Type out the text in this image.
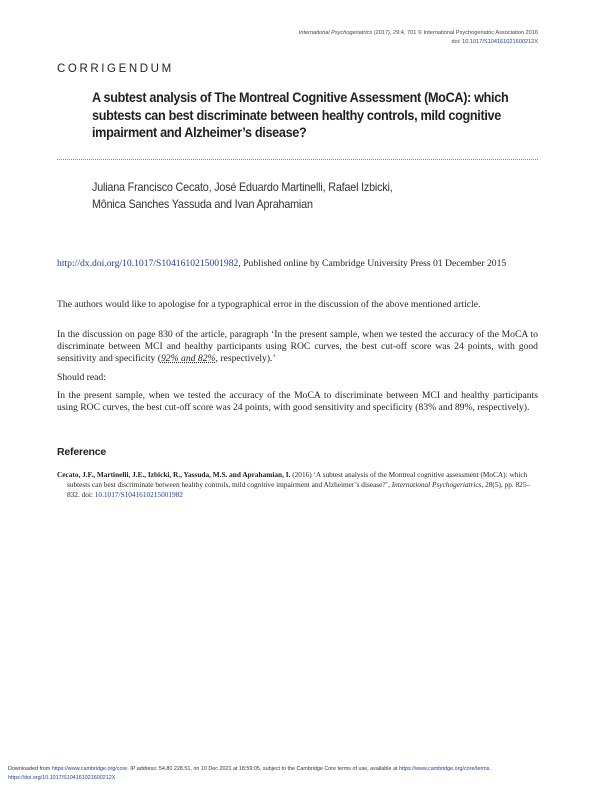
International Psychogeriatrics (2017), 29:4, 701 © International Psychogeriatric Association 2016
doi: 10.1017/S104161021600212X
CORRIGENDUM
A subtest analysis of The Montreal Cognitive Assessment (MoCA): which subtests can best discriminate between healthy controls, mild cognitive impairment and Alzheimer’s disease?
Juliana Francisco Cecato, José Eduardo Martinelli, Rafael Izbicki,
Mônica Sanches Yassuda and Ivan Aprahamian

http://dx.doi.org/10.1017/S1041610215001982, Published online by Cambridge University Press 01 December 2015

The authors would like to apologise for a typographical error in the discussion of the above mentioned article.

In the discussion on page 830 of the article, paragraph ‘In the present sample, when we tested the accuracy of the MoCA to discriminate between MCI and healthy participants using ROC curves, the best cut-off score was 24 points, with good sensitivity and specificity (92% and 82%, respectively).’

Should read:

In the present sample, when we tested the accuracy of the MoCA to discriminate between MCI and healthy participants using ROC curves, the best cut-off score was 24 points, with good sensitivity and specificity (83% and 89%, respectively).

Reference

Cecato, J.F., Martinelli, J.E., Izbicki, R., Yassuda, M.S. and Aprahamian, I. (2016) ‘A subtest analysis of the Montreal cognitive assessment (MoCA): which subtests can best discriminate between healthy controls, mild cognitive impairment and Alzheimer’s disease?’, International Psychogeriatrics, 28(5), pp. 825–832. doi: 10.1017/S1041610215001982

Downloaded from https://www.cambridge.org/core. IP address: 54.80.228.51, on 10 Dec 2021 at 18:59:05, subject to the Cambridge Core terms of use, available at https://www.cambridge.org/core/terms.
https://doi.org/10.1017/S104161021600212X
